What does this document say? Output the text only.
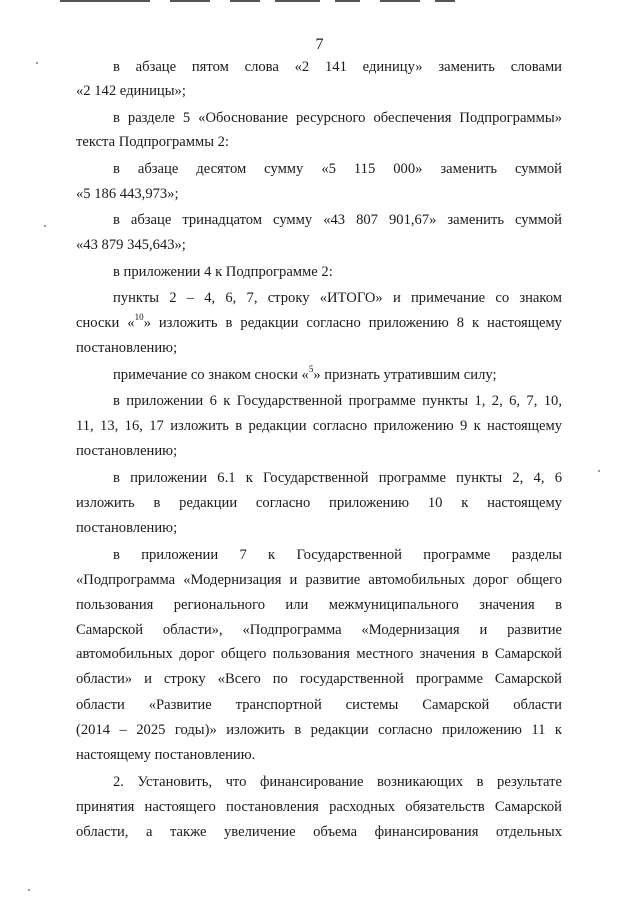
7
в абзаце пятом слова «2 141 единицу» заменить словами
«2 142 единицы»;
в разделе 5 «Обоснование ресурсного обеспечения Подпрограммы»
текста Подпрограммы 2:
в абзаце десятом сумму «5 115 000» заменить суммой
«5 186 443,973»;
в абзаце тринадцатом сумму «43 807 901,67» заменить суммой
«43 879 345,643»;
в приложении 4 к Подпрограмме 2:
пункты 2 – 4, 6, 7, строку «ИТОГО» и примечание со знаком
сноски «$^{10}$» изложить в редакции согласно приложению 8 к настоящему
постановлению;
примечание со знаком сноски «$^5$» признать утратившим силу;
в приложении 6 к Государственной программе пункты 1, 2, 6, 7, 10,
11, 13, 16, 17 изложить в редакции согласно приложению 9 к настоящему
постановлению;
в приложении 6.1 к Государственной программе пункты 2, 4, 6
изложить в редакции согласно приложению 10 к настоящему
постановлению;
в приложении 7 к Государственной программе разделы
«Подпрограмма «Модернизация и развитие автомобильных дорог общего
пользования регионального или межмуниципального значения в
Самарской области», «Подпрограмма «Модернизация и развитие
автомобильных дорог общего пользования местного значения в Самарской
области» и строку «Всего по государственной программе Самарской
области «Развитие транспортной системы Самарской области
(2014 – 2025 годы)» изложить в редакции согласно приложению 11 к
настоящему постановлению.
2. Установить, что финансирование возникающих в результате
принятия настоящего постановления расходных обязательств Самарской
области, а также увеличение объема финансирования отдельных
